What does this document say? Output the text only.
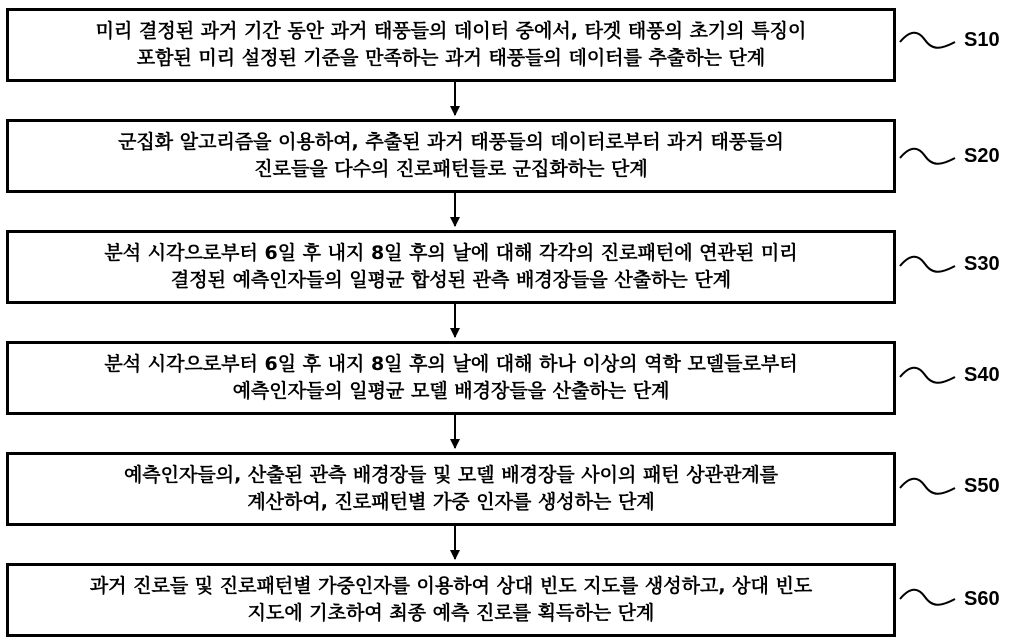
미리 결정된 과거 기간 동안 과거 태풍들의 데이터 중에서, 타겟 태풍의 초기의 특징이
포함된 미리 설정된 기준을 만족하는 과거 태풍들의 데이터를 추출하는 단계
S10
군집화 알고리즘을 이용하여, 추출된 과거 태풍들의 데이터로부터 과거 태풍들의
진로들을 다수의 진로패턴들로 군집화하는 단계
S20
분석 시각으로부터 6일 후 내지 8일 후의 날에 대해 각각의 진로패턴에 연관된 미리
결정된 예측인자들의 일평균 합성된 관측 배경장들을 산출하는 단계
S30
분석 시각으로부터 6일 후 내지 8일 후의 날에 대해 하나 이상의 역학 모델들로부터
예측인자들의 일평균 모델 배경장들을 산출하는 단계
S40
예측인자들의, 산출된 관측 배경장들 및 모델 배경장들 사이의 패턴 상관관계를
계산하여, 진로패턴별 가중 인자를 생성하는 단계
S50
과거 진로들 및 진로패턴별 가중인자를 이용하여 상대 빈도 지도를 생성하고, 상대 빈도
지도에 기초하여 최종 예측 진로를 획득하는 단계
S60
